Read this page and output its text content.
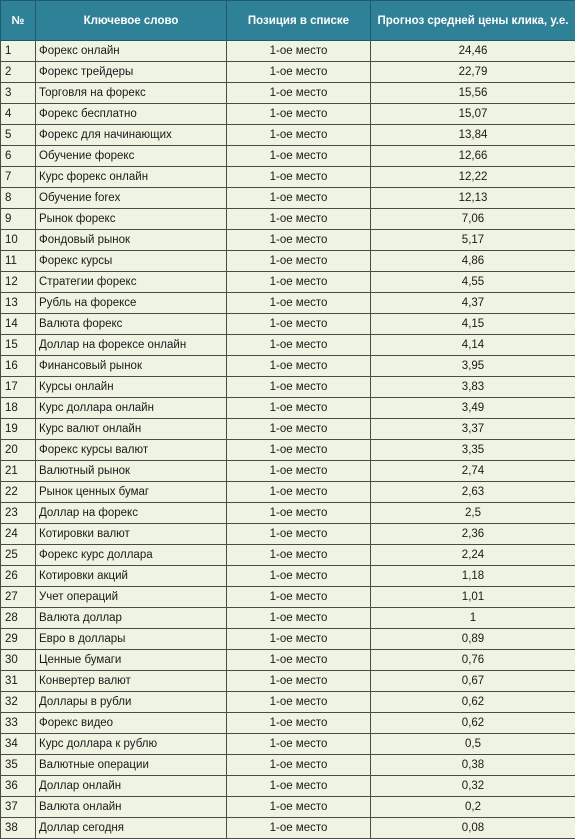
№	Ключевое слово	Позиция в списке	Прогноз средней цены клика, у.е.
1	Форекс онлайн	1-ое место	24,46
2	Форекс трейдеры	1-ое место	22,79
3	Торговля на форекс	1-ое место	15,56
4	Форекс бесплатно	1-ое место	15,07
5	Форекс для начинающих	1-ое место	13,84
6	Обучение форекс	1-ое место	12,66
7	Курс форекс онлайн	1-ое место	12,22
8	Обучение forex	1-ое место	12,13
9	Рынок форекс	1-ое место	7,06
10	Фондовый рынок	1-ое место	5,17
11	Форекс курсы	1-ое место	4,86
12	Стратегии форекс	1-ое место	4,55
13	Рубль на форексе	1-ое место	4,37
14	Валюта форекс	1-ое место	4,15
15	Доллар на форексе онлайн	1-ое место	4,14
16	Финансовый рынок	1-ое место	3,95
17	Курсы онлайн	1-ое место	3,83
18	Курс доллара онлайн	1-ое место	3,49
19	Курс валют онлайн	1-ое место	3,37
20	Форекс курсы валют	1-ое место	3,35
21	Валютный рынок	1-ое место	2,74
22	Рынок ценных бумаг	1-ое место	2,63
23	Доллар на форекс	1-ое место	2,5
24	Котировки валют	1-ое место	2,36
25	Форекс курс доллара	1-ое место	2,24
26	Котировки акций	1-ое место	1,18
27	Учет операций	1-ое место	1,01
28	Валюта доллар	1-ое место	1
29	Евро в доллары	1-ое место	0,89
30	Ценные бумаги	1-ое место	0,76
31	Конвертер валют	1-ое место	0,67
32	Доллары в рубли	1-ое место	0,62
33	Форекс видео	1-ое место	0,62
34	Курс доллара к рублю	1-ое место	0,5
35	Валютные операции	1-ое место	0,38
36	Доллар онлайн	1-ое место	0,32
37	Валюта онлайн	1-ое место	0,2
38	Доллар сегодня	1-ое место	0,08
